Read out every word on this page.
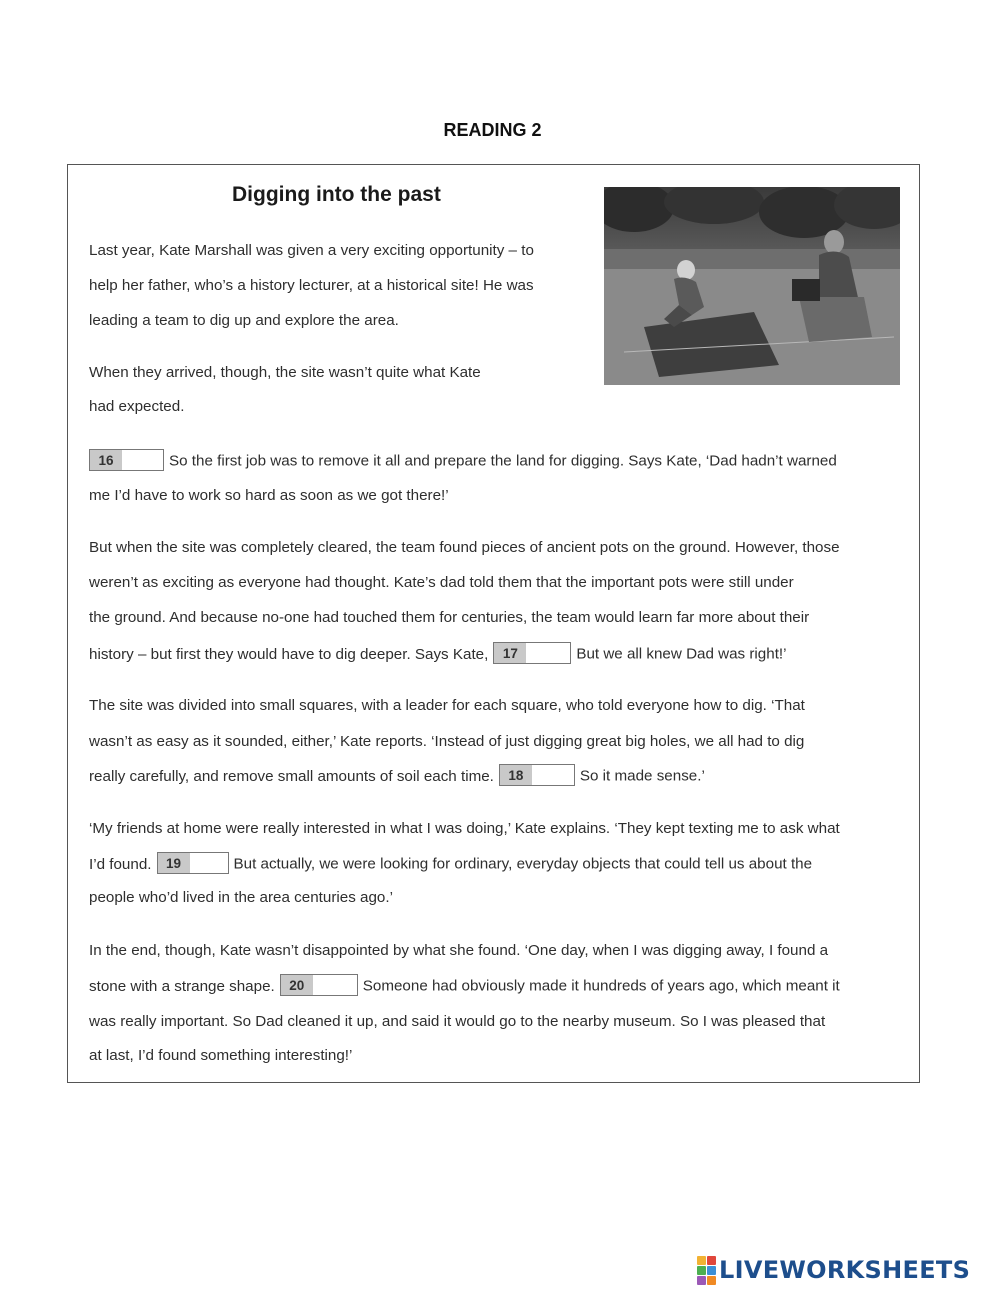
READING 2
Digging into the past
Last year, Kate Marshall was given a very exciting opportunity – to
help her father, who’s a history lecturer, at a historical site! He was
leading a team to dig up and explore the area.
When they arrived, though, the site wasn’t quite what Kate
had expected.
16	So the first job was to remove it all and prepare the land for digging. Says Kate, ‘Dad hadn’t warned
me I’d have to work so hard as soon as we got there!’
But when the site was completely cleared, the team found pieces of ancient pots on the ground. However, those
weren’t as exciting as everyone had thought. Kate’s dad told them that the important pots were still under
the ground. And because no-one had touched them for centuries, the team would learn far more about their
history – but first they would have to dig deeper. Says Kate,	17	But we all knew Dad was right!’
The site was divided into small squares, with a leader for each square, who told everyone how to dig. ‘That
wasn’t as easy as it sounded, either,’ Kate reports. ‘Instead of just digging great big holes, we all had to dig
really carefully, and remove small amounts of soil each time.	18	So it made sense.’
‘My friends at home were really interested in what I was doing,’ Kate explains. ‘They kept texting me to ask what
I’d found.	19	But actually, we were looking for ordinary, everyday objects that could tell us about the
people who’d lived in the area centuries ago.’
In the end, though, Kate wasn’t disappointed by what she found. ‘One day, when I was digging away, I found a
stone with a strange shape.	20	Someone had obviously made it hundreds of years ago, which meant it
was really important. So Dad cleaned it up, and said it would go to the nearby museum. So I was pleased that
at last, I’d found something interesting!’
LIVEWORKSHEETS
